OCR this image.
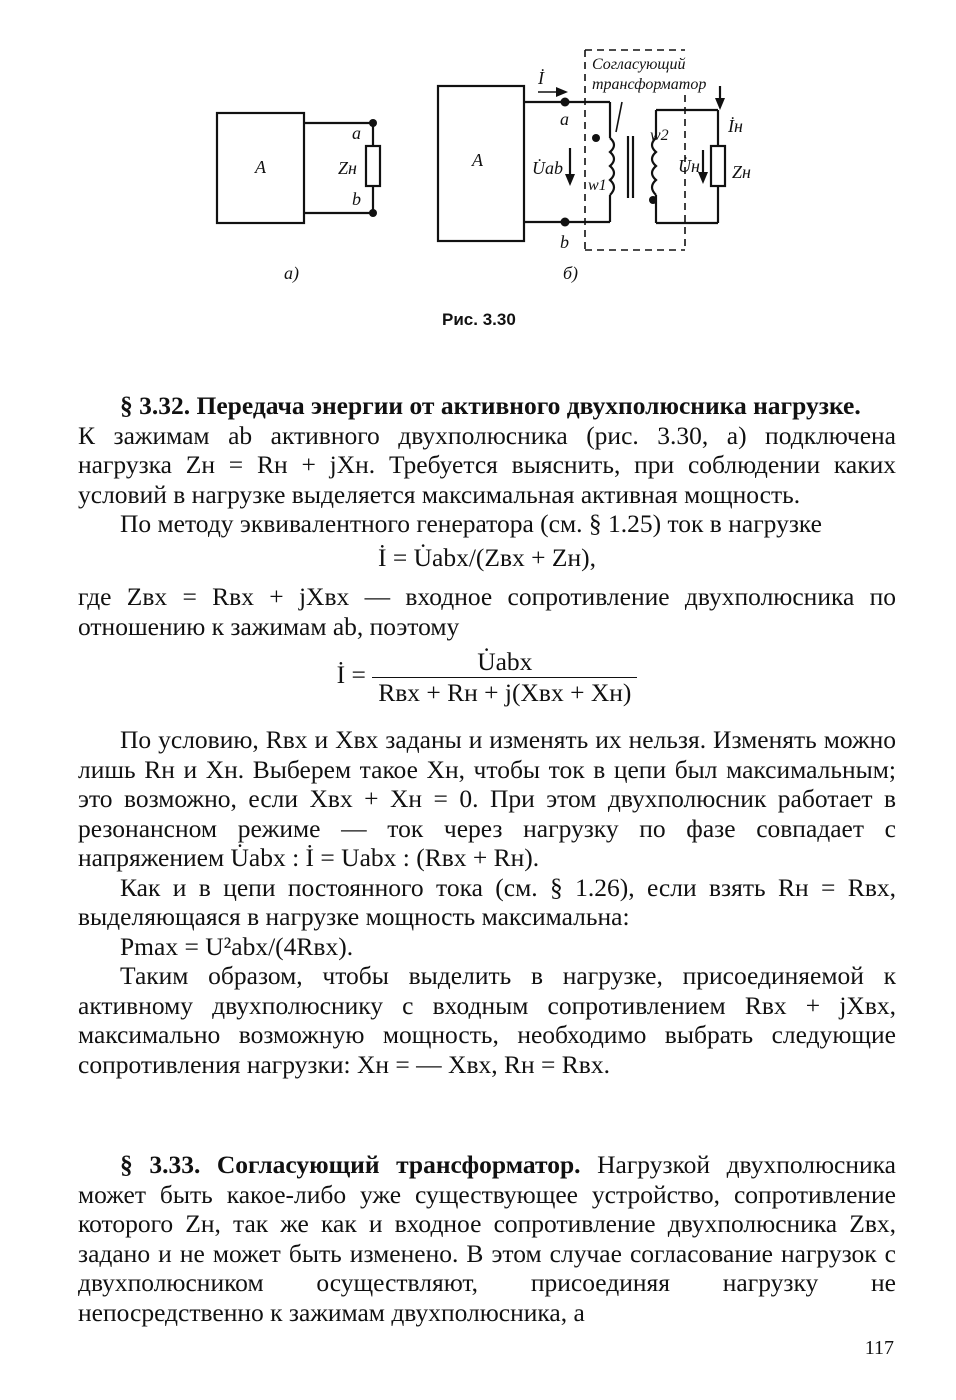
A
a
b
Zн
а)
A
İ
a
b
U̇ab
w1
w2	İн
U̇н Zн
Согласующий
трансформатор
б)
Рис. 3.30

§ 3.32. Передача энергии от активного двухполюсника нагрузке.

К зажимам ab активного двухполюсника (рис. 3.30, а) подключена нагрузка Zн = Rн + jXн. Требуется выяснить, при соблюдении каких условий в нагрузке выделяется максимальная активная мощность.

По методу эквивалентного генератора (см. § 1.25) ток в нагрузке

İ = U̇abx/(Zвх + Zн),

где Zвх = Rвх + jXвх — входное сопротивление двухполюсника по отношению к зажимам ab, поэтому

İ = $\frac{\text{U̇abx}}{\text{Rвх + Rн + j(Xвх + Xн)}}$

По условию, Rвх и Xвх заданы и изменять их нельзя. Изменять можно лишь Rн и Xн. Выберем такое Xн, чтобы ток в цепи был максимальным; это возможно, если Xвх + Xн = 0. При этом двухполюсник работает в резонансном режиме — ток через нагрузку по фазе совпадает с напряжением U̇abx : İ = Uabx : (Rвх + Rн).

Как и в цепи постоянного тока (см. § 1.26), если взять Rн = Rвх, выделяющаяся в нагрузке мощность максимальна:

Pmax = U²abx/(4Rвх).

Таким образом, чтобы выделить в нагрузке, присоединяемой к активному двухполюснику с входным сопротивлением Rвх + jXвх, максимально возможную мощность, необходимо выбрать следующие сопротивления нагрузки: Xн = — Xвх, Rн = Rвх.

§ 3.33. Согласующий трансформатор. Нагрузкой двухполюсника может быть какое-либо уже существующее устройство, сопротивление которого Zн, так же как и входное сопротивление двухполюсника Zвх, задано и не может быть изменено. В этом случае согласование нагрузок с двухполюсником осуществляют, присоединяя нагрузку не непосредственно к зажимам двухполюсника, а

117
